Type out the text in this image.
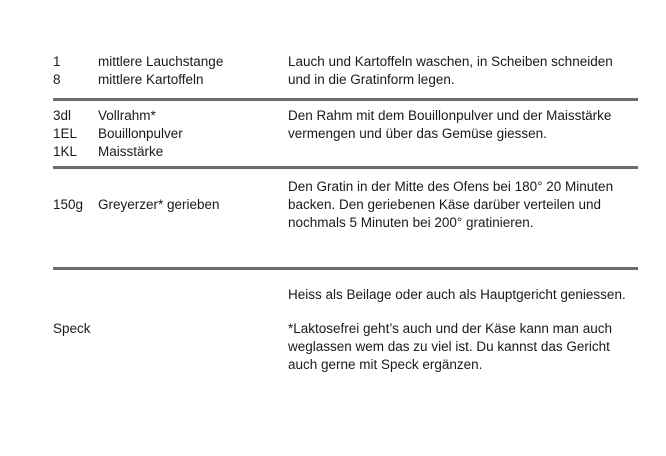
1	mittlere Lauchstange
8	mittlere Kartoffeln

Lauch und Kartoffeln waschen, in Scheiben schneiden und in die Gratinform legen.

3dl Vollrahm*
1EL Bouillonpulver
1KL Maisstärke

Den Rahm mit dem Bouillonpulver und der Maisstärke vermengen und über das Gemüse giessen.

150g Greyerzer* gerieben

Den Gratin in der Mitte des Ofens bei 180° 20 Minuten backen. Den geriebenen Käse darüber verteilen und nochmals 5 Minuten bei 200° gratinieren.

Speck

Heiss als Beilage oder auch als Hauptgericht geniessen.

*Laktosefrei geht’s auch und der Käse kann man auch weglassen wem das zu viel ist. Du kannst das Gericht auch gerne mit Speck ergänzen.
